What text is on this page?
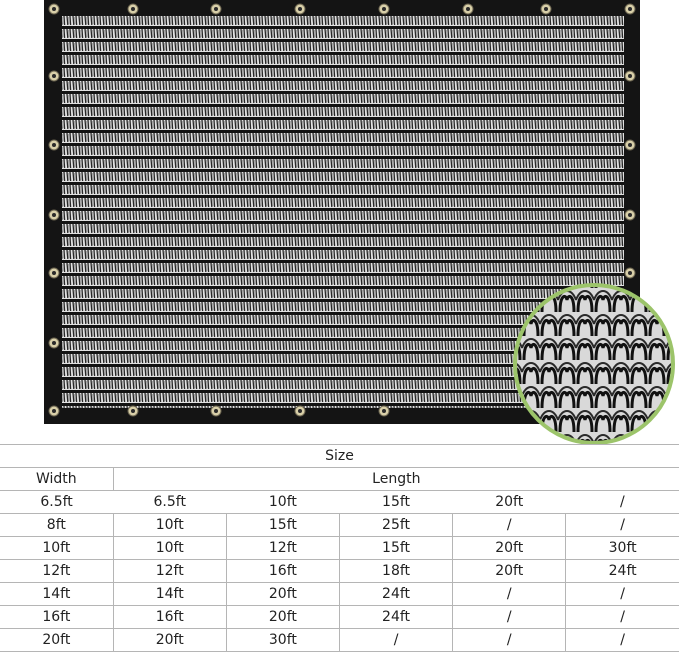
Size					
Width	Length				
6.5ft	6.5ft	10ft	15ft	20ft	/
8ft	10ft	15ft	25ft	/	/
10ft	10ft	12ft	15ft	20ft	30ft
12ft	12ft	16ft	18ft	20ft	24ft
14ft	14ft	20ft	24ft	/	/
16ft	16ft	20ft	24ft	/	/
20ft	20ft	30ft	/	/	/
